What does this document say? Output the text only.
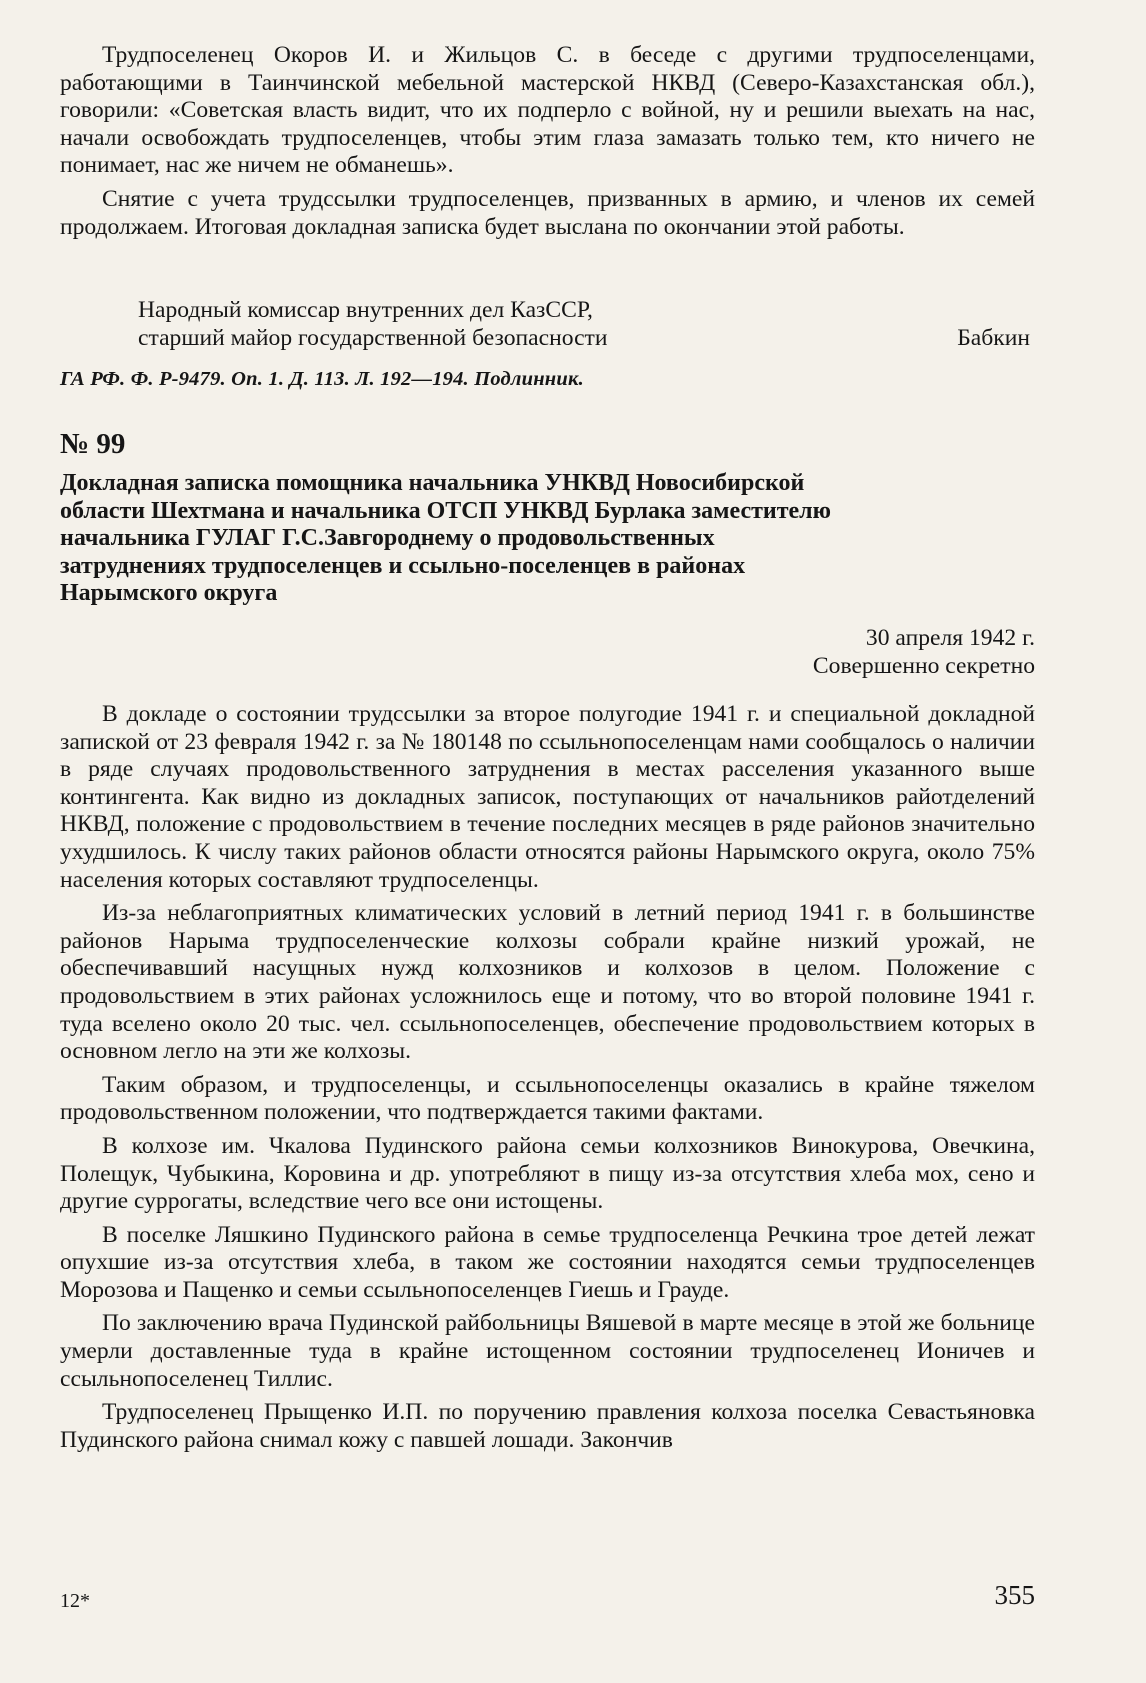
Трудпоселенец Окоров И. и Жильцов С. в беседе с другими трудпоселенцами, работающими в Таинчинской мебельной мастерской НКВД (Северо-Казахстанская обл.), говорили: «Советская власть видит, что их подперло с войной, ну и решили выехать на нас, начали освобождать трудпоселенцев, чтобы этим глаза замазать только тем, кто ничего не понимает, нас же ничем не обманешь».

Снятие с учета трудссылки трудпоселенцев, призванных в армию, и членов их семей продолжаем. Итоговая докладная записка будет выслана по окончании этой работы.

Народный комиссар внутренних дел КазССР,
старший майор государственной безопасности	Бабкин
ГА РФ. Ф. Р-9479. Оп. 1. Д. 113. Л. 192—194. Подлинник.
№ 99
Докладная записка помощника начальника УНКВД Новосибирской
области Шехтмана и начальника ОТСП УНКВД Бурлака заместителю
начальника ГУЛАГ Г.С.Завгороднему о продовольственных
затруднениях трудпоселенцев и ссыльно-поселенцев в районах
Нарымского округа
30 апреля 1942 г.
Совершенно секретно

В докладе о состоянии трудссылки за второе полугодие 1941 г. и специальной докладной запиской от 23 февраля 1942 г. за № 180148 по ссыльнопоселенцам нами сообщалось о наличии в ряде случаях продовольственного затруднения в местах расселения указанного выше контингента. Как видно из докладных записок, поступающих от начальников райотделений НКВД, положение с продовольствием в течение последних месяцев в ряде районов значительно ухудшилось. К числу таких районов области относятся районы Нарымского округа, около 75% населения которых составляют трудпоселенцы.

Из-за неблагоприятных климатических условий в летний период 1941 г. в большинстве районов Нарыма трудпоселенческие колхозы собрали крайне низкий урожай, не обеспечивавший насущных нужд колхозников и колхозов в целом. Положение с продовольствием в этих районах усложнилось еще и потому, что во второй половине 1941 г. туда вселено около 20 тыс. чел. ссыльнопоселенцев, обеспечение продовольствием которых в основном легло на эти же колхозы.

Таким образом, и трудпоселенцы, и ссыльнопоселенцы оказались в крайне тяжелом продовольственном положении, что подтверждается такими фактами.

В колхозе им. Чкалова Пудинского района семьи колхозников Винокурова, Овечкина, Полещук, Чубыкина, Коровина и др. употребляют в пищу из-за отсутствия хлеба мох, сено и другие суррогаты, вследствие чего все они истощены.

В поселке Ляшкино Пудинского района в семье трудпоселенца Речкина трое детей лежат опухшие из-за отсутствия хлеба, в таком же состоянии находятся семьи трудпоселенцев Морозова и Пащенко и семьи ссыльнопоселенцев Гиешь и Грауде.

По заключению врача Пудинской райбольницы Вяшевой в марте месяце в этой же больнице умерли доставленные туда в крайне истощенном состоянии трудпоселенец Ионичев и ссыльнопоселенец Тиллис.

Трудпоселенец Прыщенко И.П. по поручению правления колхоза поселка Севастьяновка Пудинского района снимал кожу с павшей лошади. Закончив

12*	355
